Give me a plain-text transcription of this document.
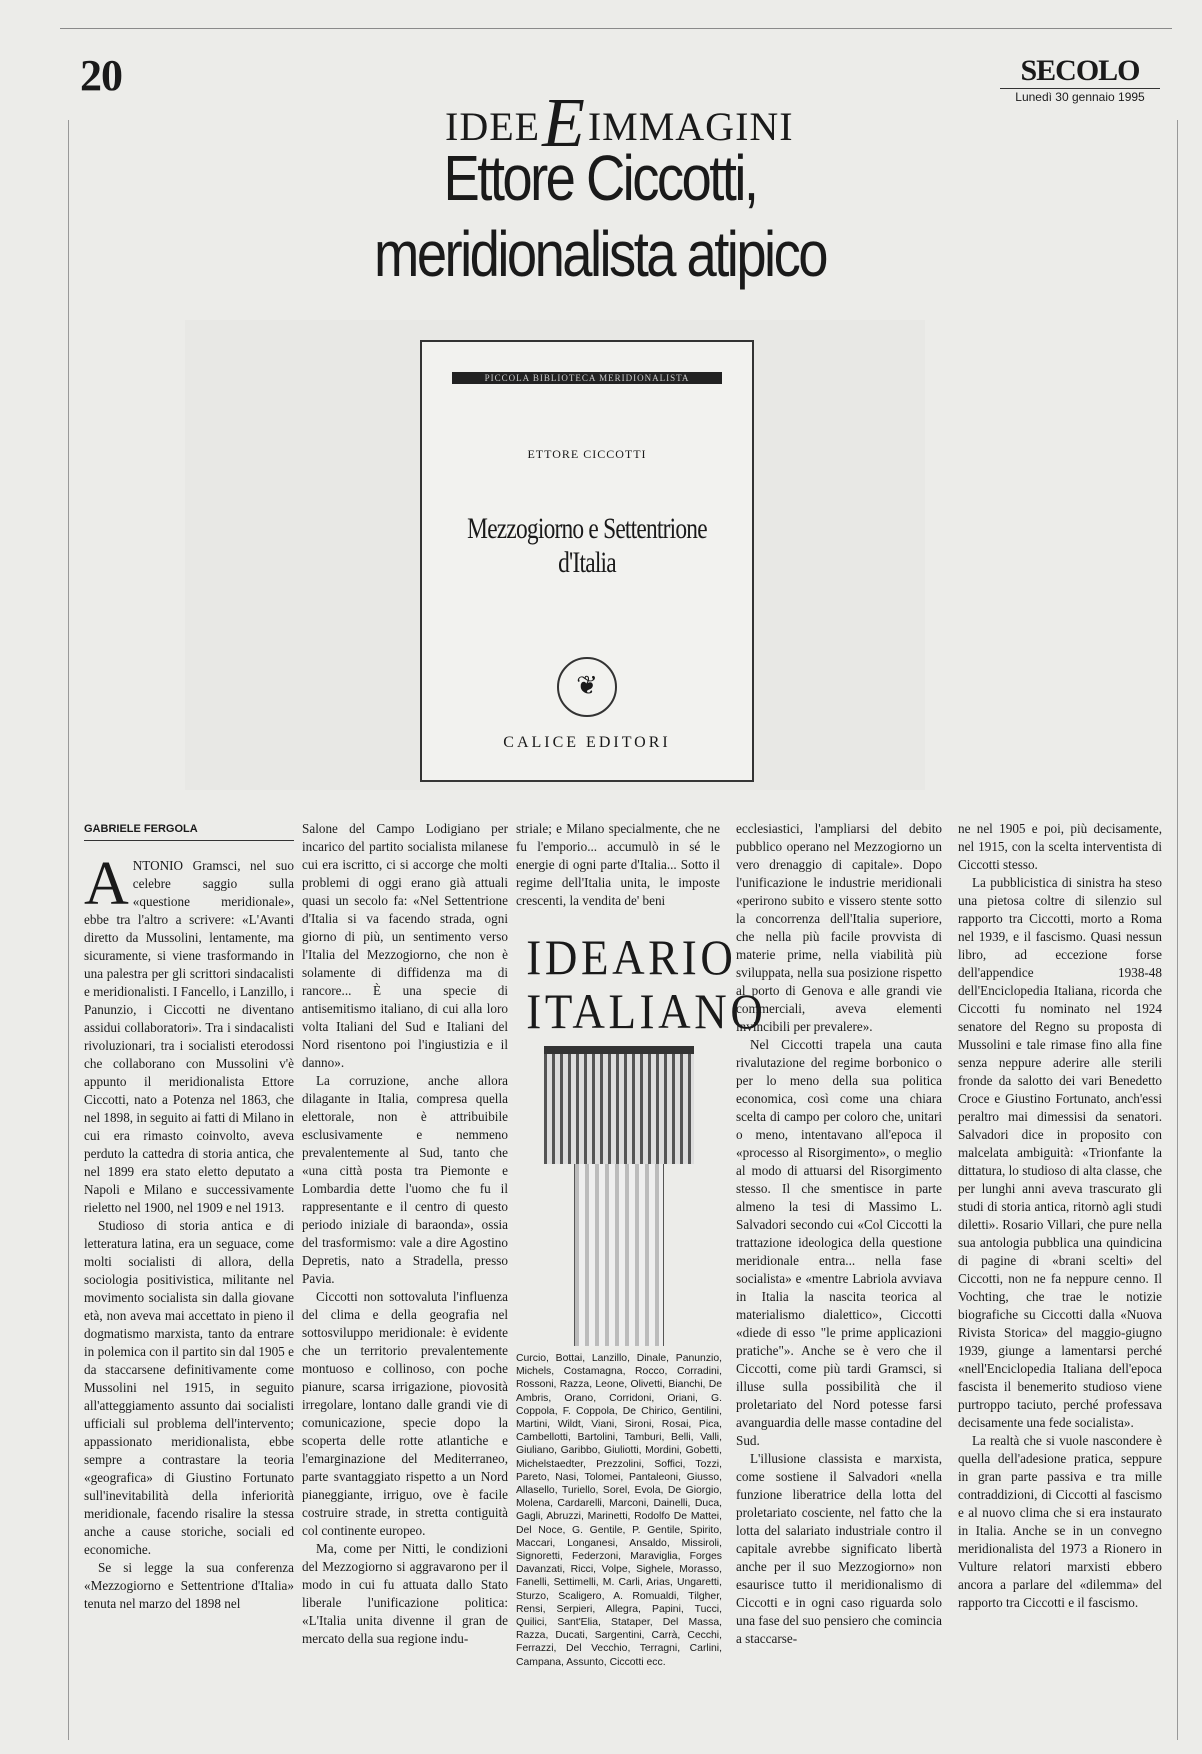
20
IDEEEIMMAGINI
SECOLO
Lunedì 30 gennaio 1995
Ettore Ciccotti,
meridionalista atipico
PICCOLA BIBLIOTECA MERIDIONALISTA
ETTORE CICCOTTI
Mezzogiorno e Settentrione d'Italia
❦
CALICE EDITORI
GABRIELE FERGOLA

ANTONIO Gramsci, nel suo celebre saggio sulla «questione meridionale», ebbe tra l'altro a scrivere: «L'Avanti diretto da Mussolini, lentamente, ma sicuramente, si viene trasformando in una palestra per gli scrittori sindacalisti e meridionalisti. I Fancello, i Lanzillo, i Panunzio, i Ciccotti ne diventano assidui collaboratori». Tra i sindacalisti rivoluzionari, tra i socialisti eterodossi che collaborano con Mussolini v'è appunto il meridionalista Ettore Ciccotti, nato a Potenza nel 1863, che nel 1898, in seguito ai fatti di Milano in cui era rimasto coinvolto, aveva perduto la cattedra di storia antica, che nel 1899 era stato eletto deputato a Napoli e Milano e successivamente rieletto nel 1900, nel 1909 e nel 1913.

Studioso di storia antica e di letteratura latina, era un seguace, come molti socialisti di allora, della sociologia positivistica, militante nel movimento socialista sin dalla giovane età, non aveva mai accettato in pieno il dogmatismo marxista, tanto da entrare in polemica con il partito sin dal 1905 e da staccarsene definitivamente come Mussolini nel 1915, in seguito all'atteggiamento assunto dai socialisti ufficiali sul problema dell'intervento; appassionato meridionalista, ebbe sempre a contrastare la teoria «geografica» di Giustino Fortunato sull'inevitabilità della inferiorità meridionale, facendo risalire la stessa anche a cause storiche, sociali ed economiche.

Se si legge la sua conferenza «Mezzogiorno e Settentrione d'Italia» tenuta nel marzo del 1898 nel

Salone del Campo Lodigiano per incarico del partito socialista milanese cui era iscritto, ci si accorge che molti problemi di oggi erano già attuali quasi un secolo fa: «Nel Settentrione d'Italia si va facendo strada, ogni giorno di più, un sentimento verso l'Italia del Mezzogiorno, che non è solamente di diffidenza ma di rancore... È una specie di antisemitismo italiano, di cui alla loro volta Italiani del Sud e Italiani del Nord risentono poi l'ingiustizia e il danno».

La corruzione, anche allora dilagante in Italia, compresa quella elettorale, non è attribuibile esclusivamente e nemmeno prevalentemente al Sud, tanto che «una città posta tra Piemonte e Lombardia dette l'uomo che fu il rappresentante e il centro di questo periodo iniziale di baraonda», ossia del trasformismo: vale a dire Agostino Depretis, nato a Stradella, presso Pavia.

Ciccotti non sottovaluta l'influenza del clima e della geografia nel sottosviluppo meridionale: è evidente che un territorio prevalentemente montuoso e collinoso, con poche pianure, scarsa irrigazione, piovosità irregolare, lontano dalle grandi vie di comunicazione, specie dopo la scoperta delle rotte atlantiche e l'emarginazione del Mediterraneo, parte svantaggiato rispetto a un Nord pianeggiante, irriguo, ove è facile costruire strade, in stretta contiguità col continente europeo.

Ma, come per Nitti, le condizioni del Mezzogiorno si aggravarono per il modo in cui fu attuata dallo Stato liberale l'unificazione politica: «L'Italia unita divenne il gran de mercato della sua regione indu-

striale; e Milano specialmente, che ne fu l'emporio... accumulò in sé le energie di ogni parte d'Italia... Sotto il regime dell'Italia unita, le imposte crescenti, la vendita de' beni

IDEARIO
ITALIANO
Curcio, Bottai, Lanzillo, Dinale, Panunzio, Michels, Costamagna, Rocco, Corradini, Rossoni, Razza, Leone, Olivetti, Bianchi, De Ambris, Orano, Corridoni, Oriani, G. Coppola, F. Coppola, De Chirico, Gentilini, Martini, Wildt, Viani, Sironi, Rosai, Pica, Cambellotti, Bartolini, Tamburi, Belli, Valli, Giuliano, Garibbo, Giuliotti, Mordini, Gobetti, Michelstaedter, Prezzolini, Soffici, Tozzi, Pareto, Nasi, Tolomei, Pantaleoni, Giusso, Allasello, Turiello, Sorel, Evola, De Giorgio, Molena, Cardarelli, Marconi, Dainelli, Duca, Gagli, Abruzzi, Marinetti, Rodolfo De Mattei, Del Noce, G. Gentile, P. Gentile, Spirito, Maccari, Longanesi, Ansaldo, Missiroli, Signoretti, Federzoni, Maraviglia, Forges Davanzati, Ricci, Volpe, Sighele, Morasso, Fanelli, Settimelli, M. Carli, Arias, Ungaretti, Sturzo, Scaligero, A. Romualdi, Tilgher, Rensi, Serpieri, Allegra, Papini, Tucci, Quilici, Sant'Elia, Stataper, Del Massa, Razza, Ducati, Sargentini, Carrà, Cecchi, Ferrazzi, Del Vecchio, Terragni, Carlini, Campana, Assunto, Ciccotti ecc.

ecclesiastici, l'ampliarsi del debito pubblico operano nel Mezzogiorno un vero drenaggio di capitale». Dopo l'unificazione le industrie meridionali «perirono subito e vissero stente sotto la concorrenza dell'Italia superiore, che nella più facile provvista di materie prime, nella viabilità più sviluppata, nella sua posizione rispetto al porto di Genova e alle grandi vie commerciali, aveva elementi invincibili per prevalere».

Nel Ciccotti trapela una cauta rivalutazione del regime borbonico o per lo meno della sua politica economica, così come una chiara scelta di campo per coloro che, unitari o meno, intentavano all'epoca il «processo al Risorgimento», o meglio al modo di attuarsi del Risorgimento stesso. Il che smentisce in parte almeno la tesi di Massimo L. Salvadori secondo cui «Col Ciccotti la trattazione ideologica della questione meridionale entra... nella fase socialista» e «mentre Labriola avviava in Italia la nascita teorica al materialismo dialettico», Ciccotti «diede di esso "le prime applicazioni pratiche"». Anche se è vero che il Ciccotti, come più tardi Gramsci, si illuse sulla possibilità che il proletariato del Nord potesse farsi avanguardia delle masse contadine del Sud.

L'illusione classista e marxista, come sostiene il Salvadori «nella funzione liberatrice della lotta del proletariato cosciente, nel fatto che la lotta del salariato industriale contro il capitale avrebbe significato libertà anche per il suo Mezzogiorno» non esaurisce tutto il meridionalismo di Ciccotti e in ogni caso riguarda solo una fase del suo pensiero che comincia a staccarse-

ne nel 1905 e poi, più decisamente, nel 1915, con la scelta interventista di Ciccotti stesso.

La pubblicistica di sinistra ha steso una pietosa coltre di silenzio sul rapporto tra Ciccotti, morto a Roma nel 1939, e il fascismo. Quasi nessun libro, ad eccezione forse dell'appendice 1938-48 dell'Enciclopedia Italiana, ricorda che Ciccotti fu nominato nel 1924 senatore del Regno su proposta di Mussolini e tale rimase fino alla fine senza neppure aderire alle sterili fronde da salotto dei vari Benedetto Croce e Giustino Fortunato, anch'essi peraltro mai dimessisi da senatori. Salvadori dice in proposito con malcelata ambiguità: «Trionfante la dittatura, lo studioso di alta classe, che per lunghi anni aveva trascurato gli studi di storia antica, ritornò agli studi diletti». Rosario Villari, che pure nella sua antologia pubblica una quindicina di pagine di «brani scelti» del Ciccotti, non ne fa neppure cenno. Il Vochting, che trae le notizie biografiche su Ciccotti dalla «Nuova Rivista Storica» del maggio-giugno 1939, giunge a lamentarsi perché «nell'Enciclopedia Italiana dell'epoca fascista il benemerito studioso viene purtroppo taciuto, perché professava decisamente una fede socialista».

La realtà che si vuole nascondere è quella dell'adesione pratica, seppure in gran parte passiva e tra mille contraddizioni, di Ciccotti al fascismo e al nuovo clima che si era instaurato in Italia. Anche se in un convegno meridionalista del 1973 a Rionero in Vulture relatori marxisti ebbero ancora a parlare del «dilemma» del rapporto tra Ciccotti e il fascismo.
